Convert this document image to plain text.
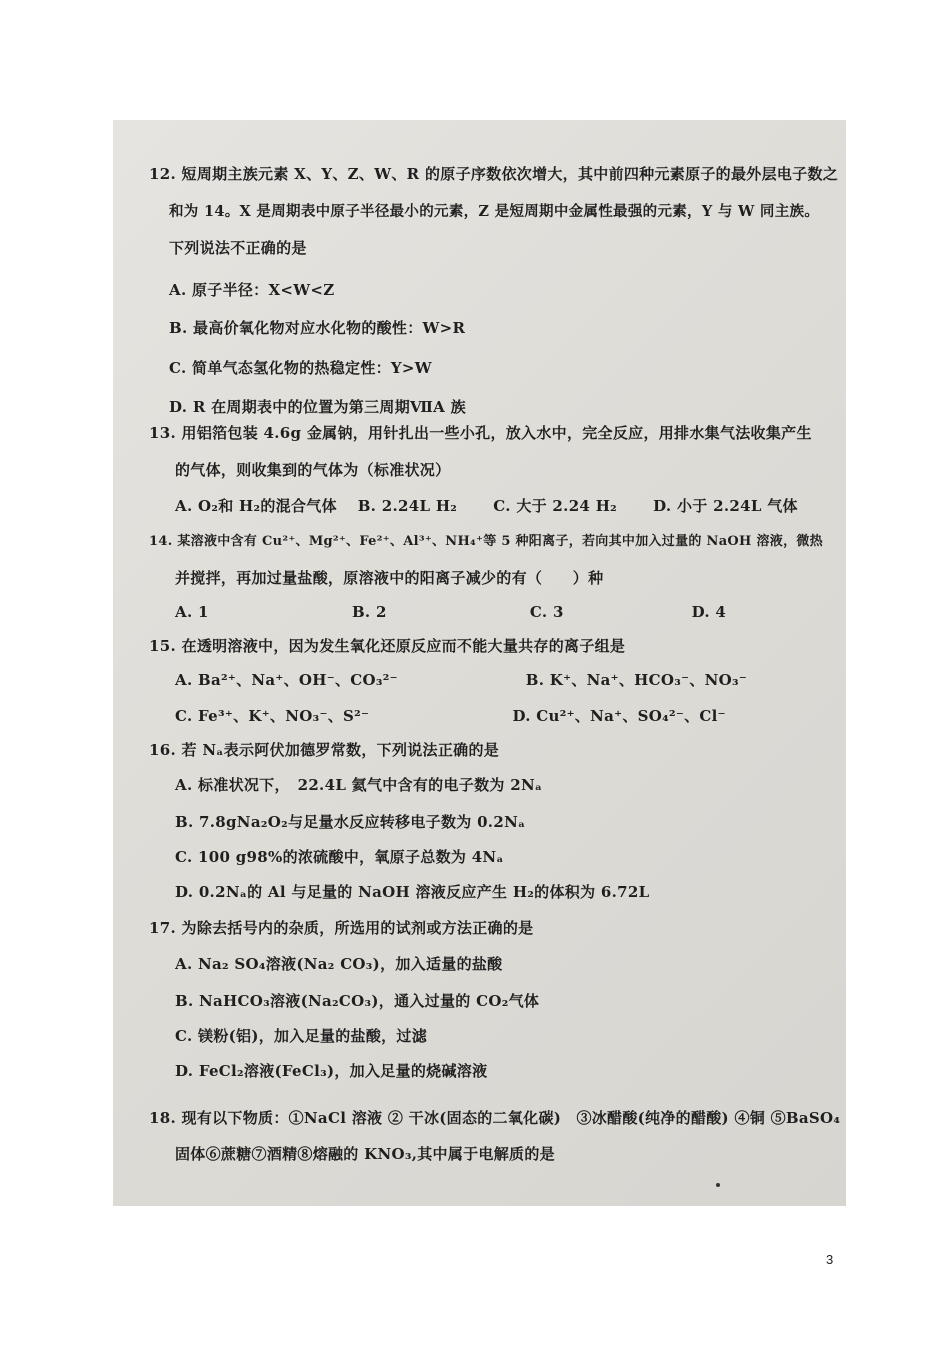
12. 短周期主族元素 X、Y、Z、W、R 的原子序数依次增大，其中前四种元素原子的最外层电子数之
和为 14。X 是周期表中原子半径最小的元素，Z 是短周期中金属性最强的元素，Y 与 W 同主族。
下列说法不正确的是
A. 原子半径：X<W<Z
B. 最高价氧化物对应水化物的酸性：W>R
C. 简单气态氢化物的热稳定性：Y>W
D. R 在周期表中的位置为第三周期ⅦA 族
13. 用铝箔包装 4.6g 金属钠，用针扎出一些小孔，放入水中，完全反应，用排水集气法收集产生
的气体，则收集到的气体为（标准状况）
A. O₂和 H₂的混合气体　 B. 2.24L H₂　　 C. 大于 2.24 H₂　　 D. 小于 2.24L 气体
14. 某溶液中含有 Cu²⁺、Mg²⁺、Fe²⁺、Al³⁺、NH₄⁺等 5 种阳离子，若向其中加入过量的 NaOH 溶液，微热
并搅拌，再加过量盐酸，原溶液中的阳离子减少的有（　　）种
A. 1　　　　　　　　　 B. 2　　　　　　　　　 C. 3　　　　　　　　 D. 4
15. 在透明溶液中，因为发生氧化还原反应而不能大量共存的离子组是
A. Ba²⁺、Na⁺、OH⁻、CO₃²⁻　　　　　　　　 B. K⁺、Na⁺、HCO₃⁻、NO₃⁻
C. Fe³⁺、K⁺、NO₃⁻、S²⁻　　　　　　　　　 D. Cu²⁺、Na⁺、SO₄²⁻、Cl⁻
16. 若 Nₐ表示阿伏加德罗常数，下列说法正确的是
A. 标准状况下，　22.4L 氦气中含有的电子数为 2Nₐ
B. 7.8gNa₂O₂与足量水反应转移电子数为 0.2Nₐ
C. 100 g98%的浓硫酸中，氧原子总数为 4Nₐ
D. 0.2Nₐ的 Al 与足量的 NaOH 溶液反应产生 H₂的体积为 6.72L
17. 为除去括号内的杂质，所选用的试剂或方法正确的是
A. Na₂ SO₄溶液(Na₂ CO₃)，加入适量的盐酸
B. NaHCO₃溶液(Na₂CO₃)，通入过量的 CO₂气体
C. 镁粉(铝)，加入足量的盐酸，过滤
D. FeCl₂溶液(FeCl₃)，加入足量的烧碱溶液
18. 现有以下物质：①NaCl 溶液 ② 干冰(固态的二氧化碳)　③冰醋酸(纯净的醋酸) ④铜 ⑤BaSO₄
固体⑥蔗糖⑦酒精⑧熔融的 KNO₃,其中属于电解质的是
3
